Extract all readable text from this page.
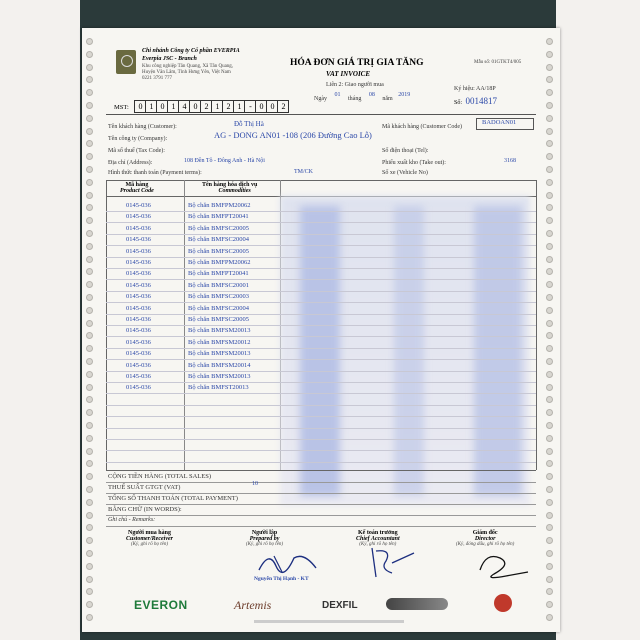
Chi nhánh Công ty Cổ phần EVERPIA
Everpia JSC - Branch
Khu công nghiệp Tân Quang, Xã Tân Quang,
Huyện Văn Lâm, Tỉnh Hưng Yên, Việt Nam
0221 3791 777
HÓA ĐƠN GIÁ TRỊ GIA TĂNG
VAT INVOICE
Liên 2: Giao người mua
Ngày 01 tháng 08 năm 2019
Mẫu số: 01GTKT4/005
Ký hiệu: AA/18P
Số: 0014817
MST: 0 1 0 1 4 0 2 1 2 1 - 0 0 2
Tên khách hàng (Customer):	Đỗ Thị Hà	Mã khách hàng (Customer Code)
BADOAN01
Tên công ty (Company):	AG - DONG AN01 -108 (206 Đường Cao Lỗ)
Mã số thuế (Tax Code):	Số điện thoại (Tel):
Địa chỉ (Address):	108 Đền Tô - Đông Anh - Hà Nội	Phiếu xuất kho (Take out):	3168
Hình thức thanh toán (Payment terms):	TM/CK	Số xe (Vehicle No)
Mã hàng
Product Code
Tên hàng hóa dịch vụ
Commodities
0145-036	Bộ chăn BMFPM20062
0145-036	Bộ chăn BMFPT20041
0145-036	Bộ chăn BMFSC20005
0145-036	Bộ chăn BMFSC20004
0145-036	Bộ chăn BMFSC20005
0145-036	Bộ chăn BMFPM20062
0145-036	Bộ chăn BMFPT20041
0145-036	Bộ chăn BMFSC20001
0145-036	Bộ chăn BMFSC20003
0145-036	Bộ chăn BMFSC20004
0145-036	Bộ chăn BMFSC20005
0145-036	Bộ chăn BMFSM20013
0145-036	Bộ chăn BMFSM20012
0145-036	Bộ chăn BMFSM20013
0145-036	Bộ chăn BMFSM20014
0145-036	Bộ chăn BMFSM20013
0145-036	Bộ chăn BMFST20013
CỘNG TIỀN HÀNG (TOTAL SALES)
THUẾ SUẤT GTGT (VAT)	10
TỔNG SỐ THANH TOÁN (TOTAL PAYMENT)
BẰNG CHỮ (IN WORDS):
Ghi chú - Remarks:
Người mua hàng
Customer/Receiver
(Ký, ghi rõ họ tên)
Người lập
Prepared by
(Ký, ghi rõ họ tên)
Kế toán trưởng
Chief Accountant
(Ký, ghi rõ họ tên)
Giám đốc
Director
(Ký, đóng dấu, ghi rõ họ tên)
Nguyễn Thị Hạnh - KT
EVERON	Artemis	DEXFIL
